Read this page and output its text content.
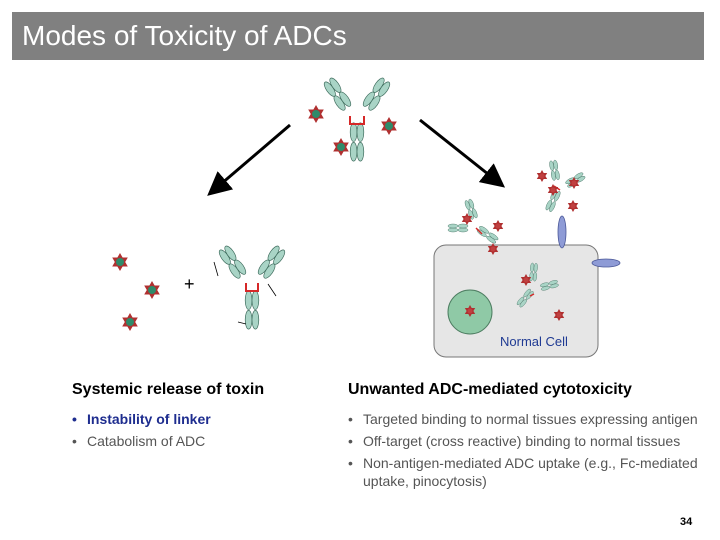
Modes of Toxicity of ADCs
+
Normal Cell
Systemic release of toxin
• Instability of linker
• Catabolism of ADC
Unwanted ADC-mediated cytotoxicity
• Targeted binding to normal tissues expressing antigen
• Off-target (cross reactive) binding to normal tissues
• Non-antigen-mediated ADC uptake (e.g., Fc-mediated uptake, pinocytosis)
34
